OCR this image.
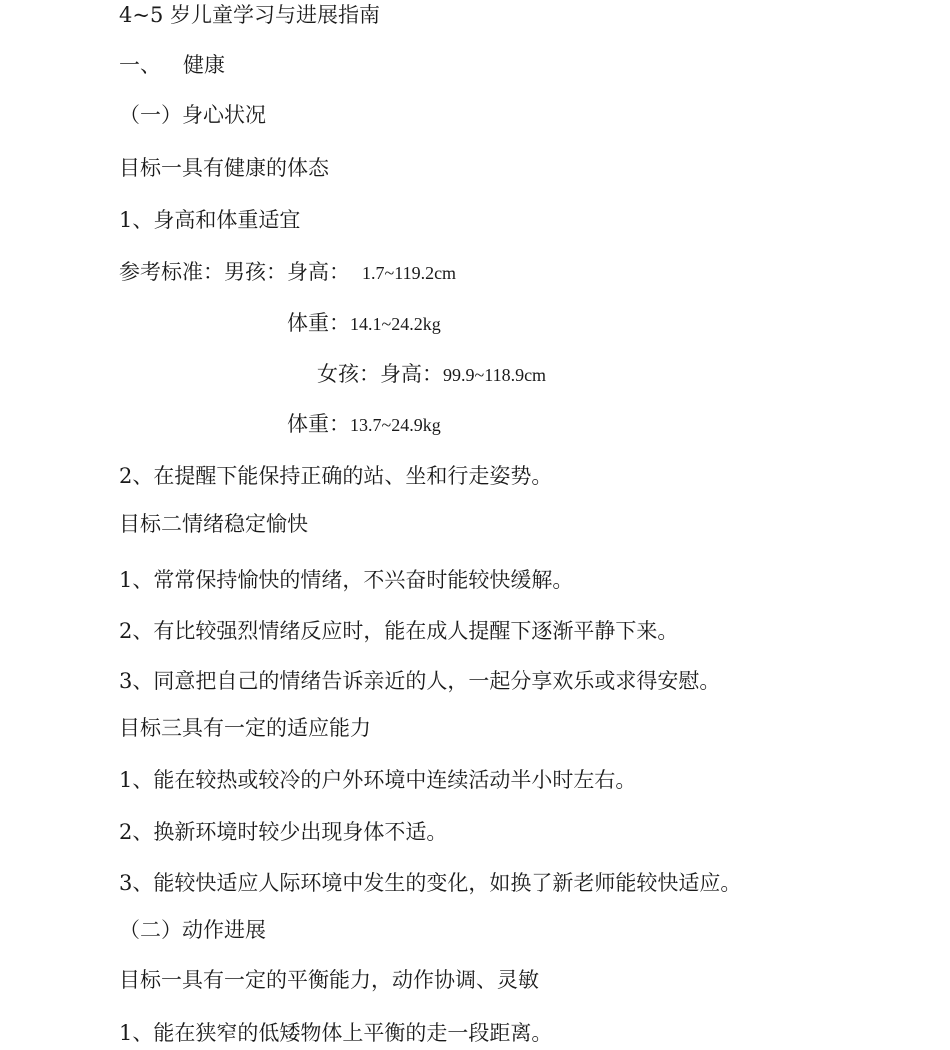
4~5 岁儿童学习与进展指南
一、 健康
（一）身心状况
目标一具有健康的体态
1、身高和体重适宜
参考标准：男孩：身高： 1.7~119.2cm
体重：14.1~24.2kg
女孩：身高：99.9~118.9cm
体重：13.7~24.9kg
2、在提醒下能保持正确的站、坐和行走姿势。
目标二情绪稳定愉快
1、常常保持愉快的情绪，不兴奋时能较快缓解。
2、有比较强烈情绪反应时，能在成人提醒下逐渐平静下来。
3、同意把自己的情绪告诉亲近的人，一起分享欢乐或求得安慰。
目标三具有一定的适应能力
1、能在较热或较冷的户外环境中连续活动半小时左右。
2、换新环境时较少出现身体不适。
3、能较快适应人际环境中发生的变化，如换了新老师能较快适应。
（二）动作进展
目标一具有一定的平衡能力，动作协调、灵敏
1、能在狭窄的低矮物体上平衡的走一段距离。
